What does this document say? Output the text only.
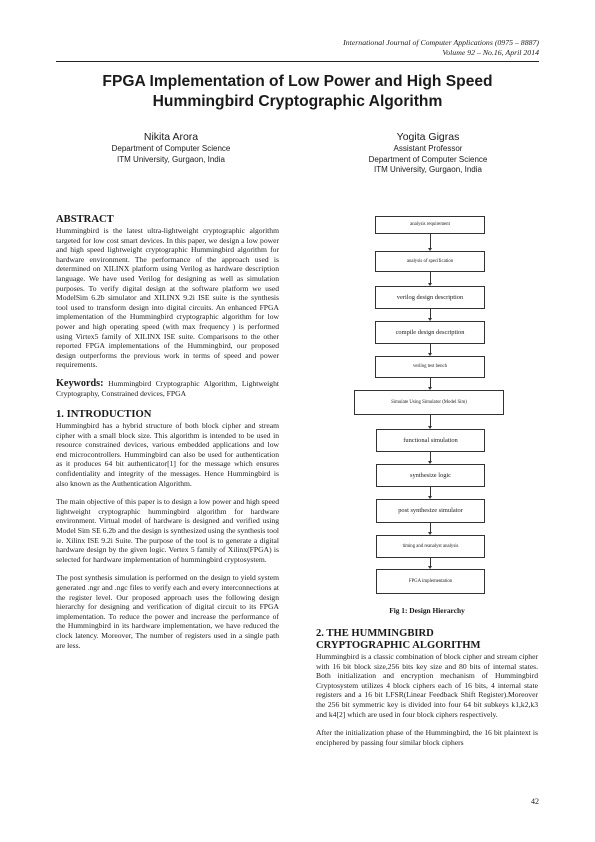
International Journal of Computer Applications (0975 – 8887)
Volume 92 – No.16, April 2014
FPGA Implementation of Low Power and High Speed
Hummingbird Cryptographic Algorithm
Nikita Arora
Department of Computer Science
ITM University, Gurgaon, India
Yogita Gigras
Assistant Professor
Department of Computer Science
ITM University, Gurgaon, India
ABSTRACT

Hummingbird is the latest ultra-lightweight cryptographic algorithm targeted for low cost smart devices. In this paper, we design a low power and high speed lightweight cryptographic Hummingbird algorithm for hardware environment. The performance of the approach used is determined on XILINX platform using Verilog as hardware description language. We have used Verilog for designing as well as simulation purposes. To verify digital design at the software platform we used ModelSim 6.2b simulator and XILINX 9.2i ISE suite is the synthesis tool used to transform design into digital circuits. An enhanced FPGA implementation of the Hummingbird cryptographic algorithm for low power and high operating speed (with max frequency ) is performed using Virtex5 family of XILINX ISE suite. Comparisons to the other reported FPGA implementations of the Hummingbird, our proposed design outperforms the previous work in terms of speed and power requirements.

Keywords: Hummingbird Cryptographic Algorithm, Lightweight Cryptography, Constrained devices, FPGA

1. INTRODUCTION

Hummingbird has a hybrid structure of both block cipher and stream cipher with a small block size. This algorithm is intended to be used in resource constrained devices, various embedded applications and low end microcontrollers. Hummingbird can also be used for authentication as it produces 64 bit authenticator[1] for the message which ensures confidentiality and integrity of the messages. Hence Hummingbird is also known as the Authentication Algorithm.

The main objective of this paper is to design a low power and high speed lightweight cryptographic hummingbird algorithm for hardware environment. Virtual model of hardware is designed and verified using Model Sim SE 6.2b and the design is synthesized using the synthesis tool ie. Xilinx ISE 9.2i Suite. The purpose of the tool is to generate a digital hardware design by the given logic. Vertex 5 family of Xilinx(FPGA) is selected for hardware implementation of hummingbird cryptosystem.

The post synthesis simulation is performed on the design to yield system generated .ngr and .ngc files to verify each and every interconnections at the register level. Our proposed approach uses the following design hierarchy for designing and verification of digital circuit to its FPGA implementation. To reduce the power and increase the performance of the Hummingbird in its hardware implementation, we have reduced the clock latency. Moreover, The number of registers used in a single path are less.

analysis requirement
analysis of specification
verilog design description
compile design description
verilog test bench
Simulate Using Simulator (Model Sim)
functional simulation
synthesize logic
post synthesize simulator
timing and reanalyst analysis
FPGA implementation
Fig 1: Design Hierarchy
2. THE HUMMINGBIRD
CRYPTOGRAPHIC ALGORITHM

Hummingbird is a classic combination of block cipher and stream cipher with 16 bit block size,256 bits key size and 80 bits of internal states. Both initialization and encryption mechanism of Hummingbird Cryptosystem utilizes 4 block ciphers each of 16 bits, 4 internal state registers and a 16 bit LFSR(Linear Feedback Shift Register).Moreover the 256 bit symmetric key is divided into four 64 bit subkeys k1,k2,k3 and k4[2] which are used in four block ciphers respectively.

After the initialization phase of the Hummingbird, the 16 bit plaintext is enciphered by passing four similar block ciphers

42
